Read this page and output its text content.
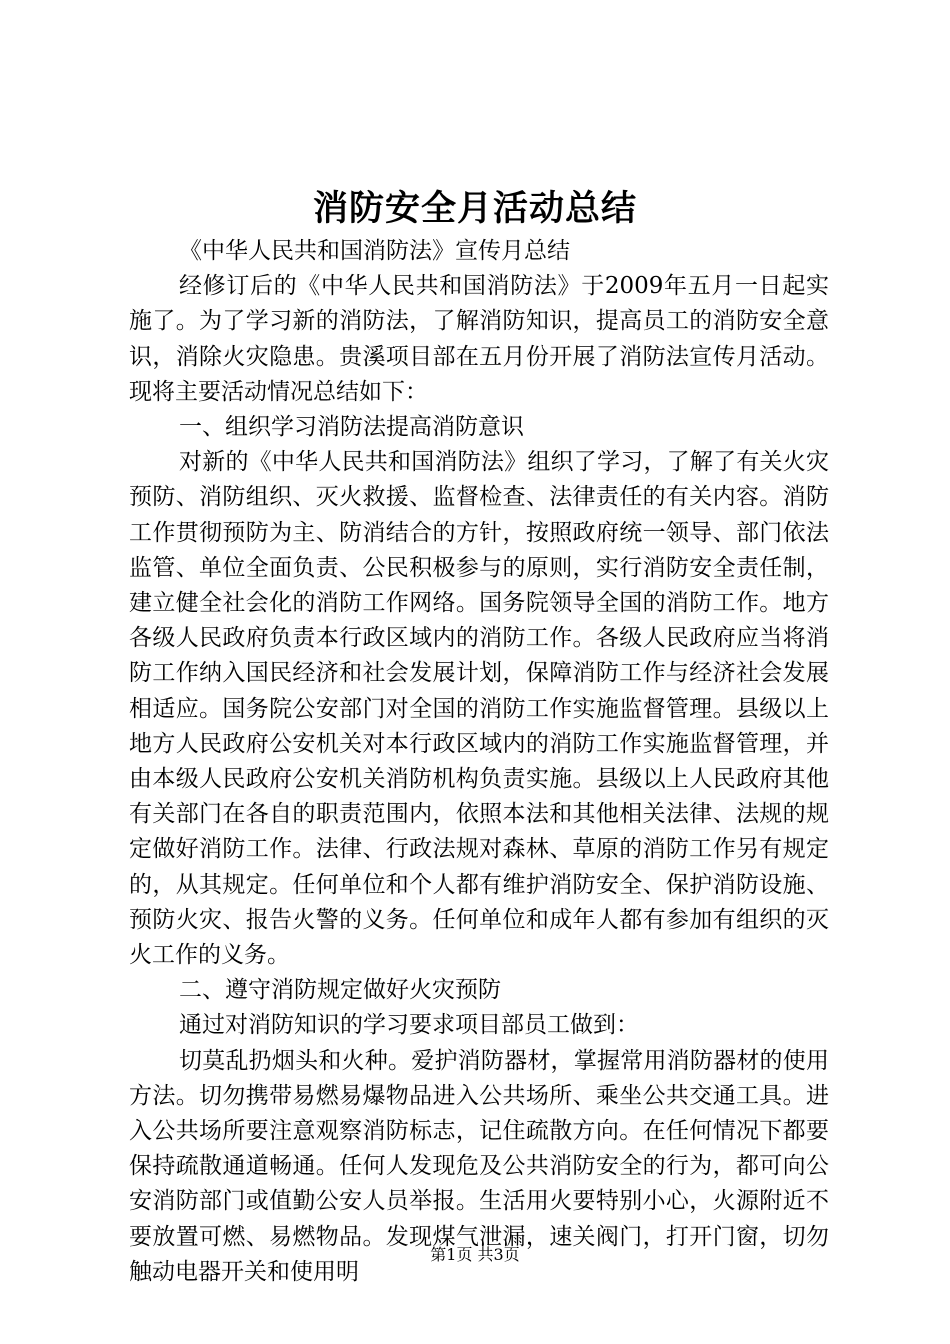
消防安全月活动总结

《中华人民共和国消防法》宣传月总结

经修订后的《中华人民共和国消防法》于2009年五月一日起实施了。为了学习新的消防法，了解消防知识，提高员工的消防安全意识，消除火灾隐患。贵溪项目部在五月份开展了消防法宣传月活动。现将主要活动情况总结如下：

一、组织学习消防法提高消防意识

对新的《中华人民共和国消防法》组织了学习，了解了有关火灾预防、消防组织、灭火救援、监督检查、法律责任的有关内容。消防工作贯彻预防为主、防消结合的方针，按照政府统一领导、部门依法监管、单位全面负责、公民积极参与的原则，实行消防安全责任制，建立健全社会化的消防工作网络。国务院领导全国的消防工作。地方各级人民政府负责本行政区域内的消防工作。各级人民政府应当将消防工作纳入国民经济和社会发展计划，保障消防工作与经济社会发展相适应。国务院公安部门对全国的消防工作实施监督管理。县级以上地方人民政府公安机关对本行政区域内的消防工作实施监督管理，并由本级人民政府公安机关消防机构负责实施。县级以上人民政府其他有关部门在各自的职责范围内，依照本法和其他相关法律、法规的规定做好消防工作。法律、行政法规对森林、草原的消防工作另有规定的，从其规定。任何单位和个人都有维护消防安全、保护消防设施、预防火灾、报告火警的义务。任何单位和成年人都有参加有组织的灭火工作的义务。

二、遵守消防规定做好火灾预防

通过对消防知识的学习要求项目部员工做到：

切莫乱扔烟头和火种。爱护消防器材，掌握常用消防器材的使用方法。切勿携带易燃易爆物品进入公共场所、乘坐公共交通工具。进入公共场所要注意观察消防标志，记住疏散方向。在任何情况下都要保持疏散通道畅通。任何人发现危及公共消防安全的行为，都可向公安消防部门或值勤公安人员举报。生活用火要特别小心，火源附近不要放置可燃、易燃物品。发现煤气泄漏，速关阀门，打开门窗，切勿触动电器开关和使用明

第1页 共3页
